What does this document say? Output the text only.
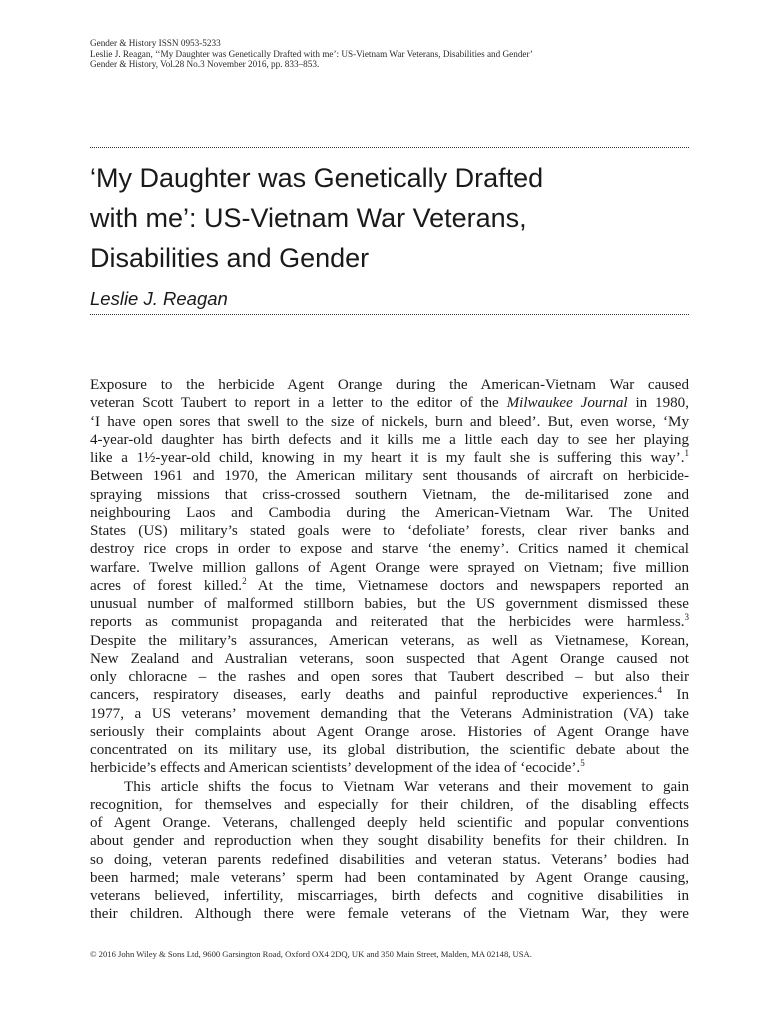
Gender & History ISSN 0953-5233
Leslie J. Reagan, ‘‘My Daughter was Genetically Drafted with me’: US-Vietnam War Veterans, Disabilities and Gender’
Gender & History, Vol.28 No.3 November 2016, pp. 833–853.
‘My Daughter was Genetically Drafted
with me’: US-Vietnam War Veterans,
Disabilities and Gender
Leslie J. Reagan
Exposure to the herbicide Agent Orange during the American-Vietnam War caused
veteran Scott Taubert to report in a letter to the editor of the Milwaukee Journal in 1980,
‘I have open sores that swell to the size of nickels, burn and bleed’. But, even worse, ‘My
4-year-old daughter has birth defects and it kills me a little each day to see her playing
like a 1½-year-old child, knowing in my heart it is my fault she is suffering this way’.$^1$
Between 1961 and 1970, the American military sent thousands of aircraft on herbicide-
spraying missions that criss-crossed southern Vietnam, the de-militarised zone and
neighbouring Laos and Cambodia during the American-Vietnam War. The United
States (US) military’s stated goals were to ‘defoliate’ forests, clear river banks and
destroy rice crops in order to expose and starve ‘the enemy’. Critics named it chemical
warfare. Twelve million gallons of Agent Orange were sprayed on Vietnam; five million
acres of forest killed.$^2$ At the time, Vietnamese doctors and newspapers reported an
unusual number of malformed stillborn babies, but the US government dismissed these
reports as communist propaganda and reiterated that the herbicides were harmless.$^3$
Despite the military’s assurances, American veterans, as well as Vietnamese, Korean,
New Zealand and Australian veterans, soon suspected that Agent Orange caused not
only chloracne – the rashes and open sores that Taubert described – but also their
cancers, respiratory diseases, early deaths and painful reproductive experiences.$^4$ In
1977, a US veterans’ movement demanding that the Veterans Administration (VA) take
seriously their complaints about Agent Orange arose. Histories of Agent Orange have
concentrated on its military use, its global distribution, the scientific debate about the
herbicide’s effects and American scientists’ development of the idea of ‘ecocide’.$^5$
This article shifts the focus to Vietnam War veterans and their movement to gain
recognition, for themselves and especially for their children, of the disabling effects
of Agent Orange. Veterans, challenged deeply held scientific and popular conventions
about gender and reproduction when they sought disability benefits for their children. In
so doing, veteran parents redefined disabilities and veteran status. Veterans’ bodies had
been harmed; male veterans’ sperm had been contaminated by Agent Orange causing,
veterans believed, infertility, miscarriages, birth defects and cognitive disabilities in
their children. Although there were female veterans of the Vietnam War, they were
© 2016 John Wiley & Sons Ltd, 9600 Garsington Road, Oxford OX4 2DQ, UK and 350 Main Street, Malden, MA 02148, USA.
